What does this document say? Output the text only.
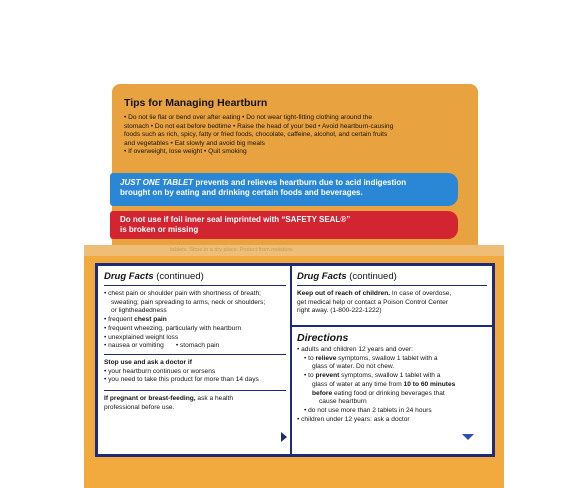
Tips for Managing Heartburn
• Do not lie flat or bend over after eating • Do not wear tight-fitting clothing around the
stomach • Do not eat before bedtime • Raise the head of your bed • Avoid heartburn-causing
foods such as rich, spicy, fatty or fried foods, chocolate, caffeine, alcohol, and certain fruits
and vegetables • Eat slowly and avoid big meals
• If overweight, lose weight • Quit smoking
JUST ONE TABLET prevents and relieves heartburn due to acid indigestion
brought on by eating and drinking certain foods and beverages.
Do not use if foil inner seal imprinted with “SAFETY SEAL®”
is broken or missing
tablets. Store in a dry place. Protect from moisture.
Drug Facts (continued)
• chest pain or shoulder pain with shortness of breath;
sweating; pain spreading to arms, neck or shoulders;
or lightheadedness
• frequent chest pain
• frequent wheezing, particularly with heartburn
• unexplained weight loss
• nausea or vomiting • stomach pain
Stop use and ask a doctor if
• your heartburn continues or worsens
• you need to take this product for more than 14 days
If pregnant or breast-feeding, ask a health
professional before use.
Drug Facts (continued)
Keep out of reach of children. In case of overdose,
get medical help or contact a Poison Control Center
right away. (1-800-222-1222)
Directions
• adults and children 12 years and over:
• to relieve symptoms, swallow 1 tablet with a
glass of water. Do not chew.
• to prevent symptoms, swallow 1 tablet with a
glass of water at any time from 10 to 60 minutes
before eating food or drinking beverages that
cause heartburn
• do not use more than 2 tablets in 24 hours
• children under 12 years: ask a doctor
